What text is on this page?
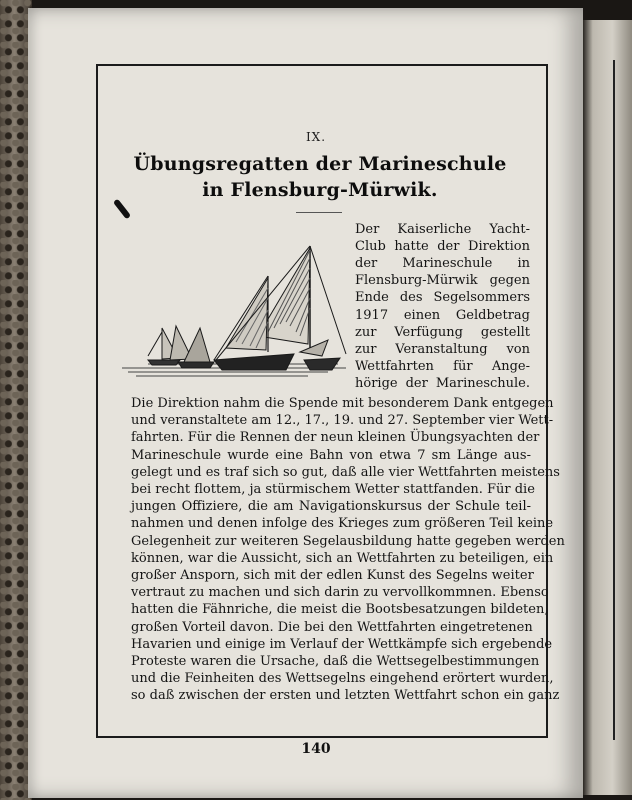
IX.
Übungsregatten der Marineschule
in Flensburg-Mürwik.
Der Kaiserliche Yacht-
Club hatte der Direktion
der Marineschule in
Flensburg-Mürwik gegen
Ende des Segelsommers
1917 einen Geldbetrag
zur Verfügung gestellt
zur Veranstaltung von
Wettfahrten für Ange-
hörige der Marineschule.
Die Direktion nahm die Spende mit besonderem Dank entgegen
und veranstaltete am 12., 17., 19. und 27. September vier Wett-
fahrten. Für die Rennen der neun kleinen Übungsyachten der
Marineschule wurde eine Bahn von etwa 7 sm Länge aus-
gelegt und es traf sich so gut, daß alle vier Wettfahrten meistens
bei recht flottem, ja stürmischem Wetter stattfanden. Für die
jungen Offiziere, die am Navigationskursus der Schule teil-
nahmen und denen infolge des Krieges zum größeren Teil keine
Gelegenheit zur weiteren Segelausbildung hatte gegeben werden
können, war die Aussicht, sich an Wettfahrten zu beteiligen, ein
großer Ansporn, sich mit der edlen Kunst des Segelns weiter
vertraut zu machen und sich darin zu vervollkommnen. Ebenso
hatten die Fähnriche, die meist die Bootsbesatzungen bildeten,
großen Vorteil davon. Die bei den Wettfahrten eingetretenen
Havarien und einige im Verlauf der Wettkämpfe sich ergebende
Proteste waren die Ursache, daß die Wettsegelbestimmungen
und die Feinheiten des Wettsegelns eingehend erörtert wurden,
so daß zwischen der ersten und letzten Wettfahrt schon ein ganz
140
